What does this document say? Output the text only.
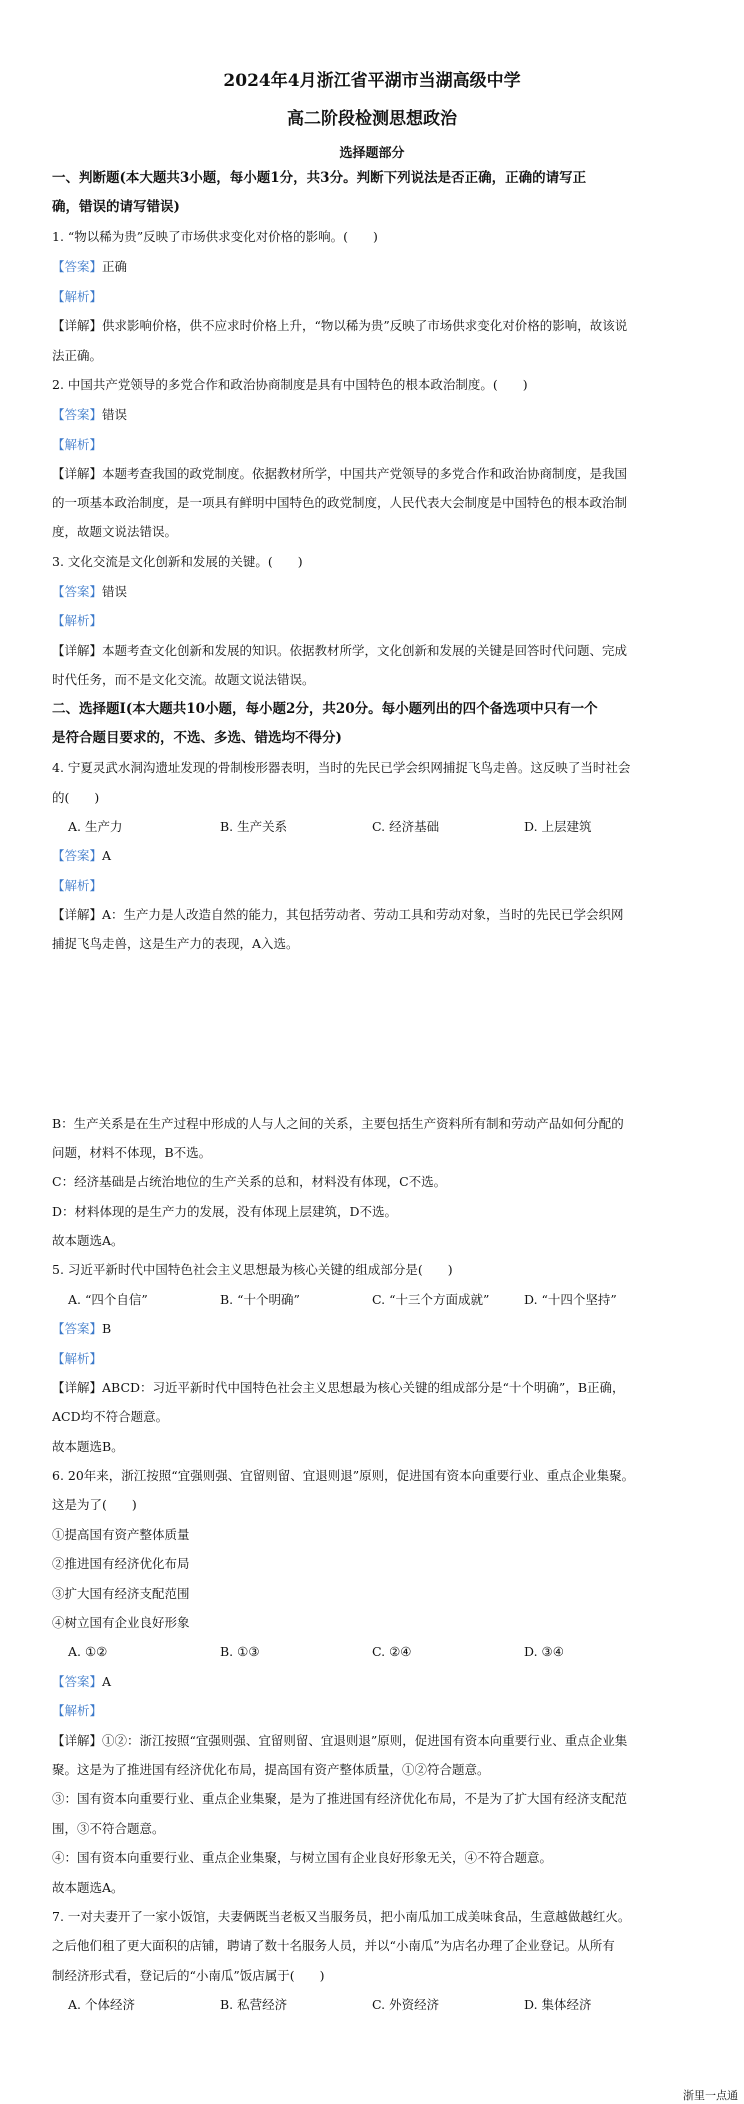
2024年4月浙江省平湖市当湖高级中学
高二阶段检测思想政治
选择题部分
一、判断题(本大题共3小题，每小题1分，共3分。判断下列说法是否正确，正确的请写正
确，错误的请写错误)
1. “物以稀为贵”反映了市场供求变化对价格的影响。(　　)
【答案】正确
【解析】
【详解】供求影响价格，供不应求时价格上升，“物以稀为贵”反映了市场供求变化对价格的影响，故该说
法正确。
2. 中国共产党领导的多党合作和政治协商制度是具有中国特色的根本政治制度。(　　)
【答案】错误
【解析】
【详解】本题考查我国的政党制度。依据教材所学，中国共产党领导的多党合作和政治协商制度，是我国
的一项基本政治制度，是一项具有鲜明中国特色的政党制度，人民代表大会制度是中国特色的根本政治制
度，故题文说法错误。
3. 文化交流是文化创新和发展的关键。(　　)
【答案】错误
【解析】
【详解】本题考查文化创新和发展的知识。依据教材所学，文化创新和发展的关键是回答时代问题、完成
时代任务，而不是文化交流。故题文说法错误。
二、选择题Ⅰ(本大题共10小题，每小题2分，共20分。每小题列出的四个备选项中只有一个
是符合题目要求的，不选、多选、错选均不得分)
4. 宁夏灵武水洞沟遗址发现的骨制梭形器表明，当时的先民已学会织网捕捉飞鸟走兽。这反映了当时社会
的(　　)
A. 生产力	B. 生产关系	C. 经济基础	D. 上层建筑
【答案】A
【解析】
【详解】A：生产力是人改造自然的能力，其包括劳动者、劳动工具和劳动对象，当时的先民已学会织网
捕捉飞鸟走兽，这是生产力的表现，A入选。
B：生产关系是在生产过程中形成的人与人之间的关系，主要包括生产资料所有制和劳动产品如何分配的
问题，材料不体现，B不选。
C：经济基础是占统治地位的生产关系的总和，材料没有体现，C不选。
D：材料体现的是生产力的发展，没有体现上层建筑，D不选。
故本题选A。
5. 习近平新时代中国特色社会主义思想最为核心关键的组成部分是(　　)
A. “四个自信”	B. “十个明确”	C. “十三个方面成就”	D. “十四个坚持”
【答案】B
【解析】
【详解】ABCD：习近平新时代中国特色社会主义思想最为核心关键的组成部分是“十个明确”，B正确，
ACD均不符合题意。
故本题选B。
6. 20年来，浙江按照“宜强则强、宜留则留、宜退则退”原则，促进国有资本向重要行业、重点企业集聚。
这是为了(　　)
①提高国有资产整体质量
②推进国有经济优化布局
③扩大国有经济支配范围
④树立国有企业良好形象
A. ①②	B. ①③	C. ②④	D. ③④
【答案】A
【解析】
【详解】①②：浙江按照“宜强则强、宜留则留、宜退则退”原则，促进国有资本向重要行业、重点企业集
聚。这是为了推进国有经济优化布局，提高国有资产整体质量，①②符合题意。
③：国有资本向重要行业、重点企业集聚，是为了推进国有经济优化布局，不是为了扩大国有经济支配范
围，③不符合题意。
④：国有资本向重要行业、重点企业集聚，与树立国有企业良好形象无关，④不符合题意。
故本题选A。
7. 一对夫妻开了一家小饭馆，夫妻俩既当老板又当服务员，把小南瓜加工成美味食品，生意越做越红火。
之后他们租了更大面积的店铺，聘请了数十名服务人员，并以“小南瓜”为店名办理了企业登记。从所有
制经济形式看，登记后的“小南瓜”饭店属于(　　)
A. 个体经济	B. 私营经济	C. 外资经济	D. 集体经济
浙里一点通
